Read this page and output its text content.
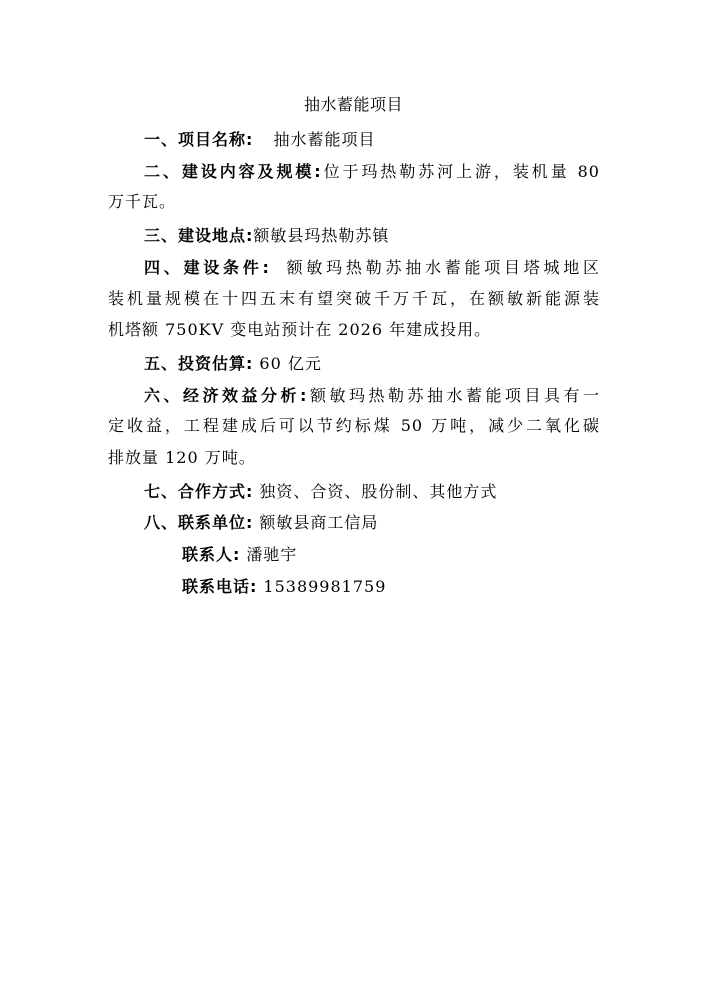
抽水蓄能项目
一、项目名称: 抽水蓄能项目
二、建设内容及规模:位于玛热勒苏河上游，装机量 80
万千瓦。
三、建设地点:额敏县玛热勒苏镇
四、建设条件: 额敏玛热勒苏抽水蓄能项目塔城地区
装机量规模在十四五末有望突破千万千瓦，在额敏新能源装
机塔额 750KV 变电站预计在 2026 年建成投用。
五、投资估算: 60 亿元
六、经济效益分析:额敏玛热勒苏抽水蓄能项目具有一
定收益，工程建成后可以节约标煤 50 万吨，减少二氧化碳
排放量 120 万吨。
七、合作方式: 独资、合资、股份制、其他方式
八、联系单位: 额敏县商工信局
联系人: 潘驰宇
联系电话: 15389981759
